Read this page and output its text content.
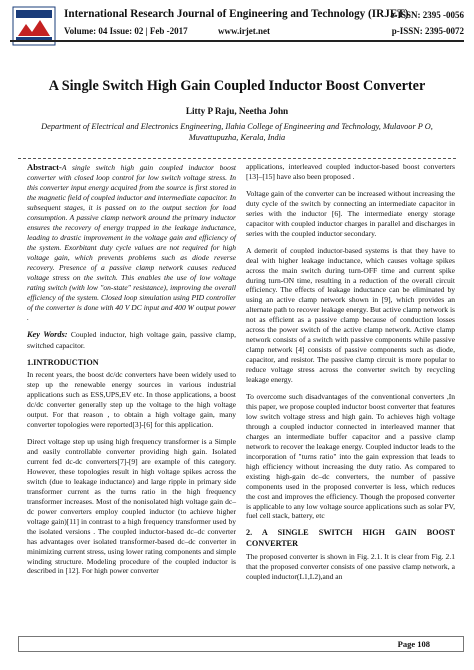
International Research Journal of Engineering and Technology (IRJET)
Volume: 04 Issue: 02 | Feb -2017	www.irjet.net
e-ISSN: 2395 -0056
p-ISSN: 2395-0072
A Single Switch High Gain Coupled Inductor Boost Converter
Litty P Raju, Neetha John
Department of Electrical and Electronics Engineering, Ilahia College of Engineering and Technology, Mulavoor P O, Muvattupuzha, Kerala, India

Abstract-A single switch high gain coupled inductor boost converter with closed loop control for low switch voltage stress. In this converter input energy acquired from the source is first stored in the magnetic field of coupled inductor and intermediate capacitor. In subsequent stages, it is passed on to the output section for load consumption. A passive clamp network around the primary inductor ensures the recovery of energy trapped in the leakage inductance, leading to drastic improvement in the voltage gain and efficiency of the system. Exorbitant duty cycle values are not required for high voltage gain, which prevents problems such as diode reverse recovery. Presence of a passive clamp network causes reduced voltage stress on the switch. This enables the use of low voltage rating switch (with low "on-state" resistance), improving the overall efficiency of the system. Closed loop simulation using PID controller of the converter is done with 40 V DC input and 400 W output power .

Key Words: Coupled inductor, high voltage gain, passive clamp, switched capacitor.

1.INTRODUCTION

In recent years, the boost dc/dc converters have been widely used to step up the renewable energy sources in various industrial applications such as ESS,UPS,EV etc. In those applications, a boost dc/dc converter generally step up the voltage to the high voltage output. For that reason , to obtain a high voltage gain, many converter topologies were reported[3]-[6] for this application.

Direct voltage step up using high frequency transformer is a Simple and easily controllable converter providing high gain. Isolated current fed dc-dc converters[7]-[9] are example of this category. However, these topologies result in high voltage spikes across the switch (due to leakage inductance) and large ripple in primary side transformer current as the turns ratio in the high frequency transformer increases. Most of the nonisolated high voltage gain dc–dc power converters employ coupled inductor (to achieve higher voltage gain)[11] in contrast to a high frequency transformer used by the isolated versions . The coupled inductor-based dc–dc converter has advantages over isolated transformer-based dc–dc converter in minimizing current stress, using lower rating components and simple winding structure. Modeling procedure of the coupled inductor is described in [12]. For high power converter

applications, interleaved coupled inductor-based boost converters [13]–[15] have also been proposed .

Voltage gain of the converter can be increased without increasing the duty cycle of the switch by connecting an intermediate capacitor in series with the inductor [6]. The intermediate energy storage capacitor with coupled inductor charges in parallel and discharges in series with the coupled inductor secondary.

A demerit of coupled inductor-based systems is that they have to deal with higher leakage inductance, which causes voltage spikes across the main switch during turn-OFF time and current spike during turn-ON time, resulting in a reduction of the overall circuit efficiency. The effects of leakage inductance can be eliminated by using an active clamp network shown in [9], which provides an alternate path to recover leakage energy. But active clamp network is not as efficient as a passive clamp because of conduction losses across the power switch of the active clamp network. Active clamp network consists of a switch with passive components while passive clamp network [4] consists of passive components such as diode, capacitor, and resistor. The passive clamp circuit is more popular to reduce voltage stress across the converter switch by recycling leakage energy.

To overcome such disadvantages of the conventional converters ,In this paper, we propose coupled inductor boost converter that features low switch voltage stress and high gain. To achieves high voltage through a coupled inductor connected in interleaved manner that charges an intermediate buffer capacitor and a passive clamp network to recover the leakage energy. Coupled inductor leads to the incorporation of "turns ratio" into the gain expression that leads to high efficiency without increasing the duty ratio. As compared to existing high-gain dc–dc converters, the number of passive components used in the proposed converter is less, which reduces the cost and improves the efficiency. Though the proposed converter is applicable to any low voltage source applications such as solar PV, fuel cell stack, battery, etc

2. A SINGLE SWITCH HIGH GAIN BOOST CONVERTER

The proposed converter is shown in Fig. 2.1. It is clear from Fig. 2.1 that the proposed converter consists of one passive clamp network, a coupled inductor(L1,L2),and an

Page 108
